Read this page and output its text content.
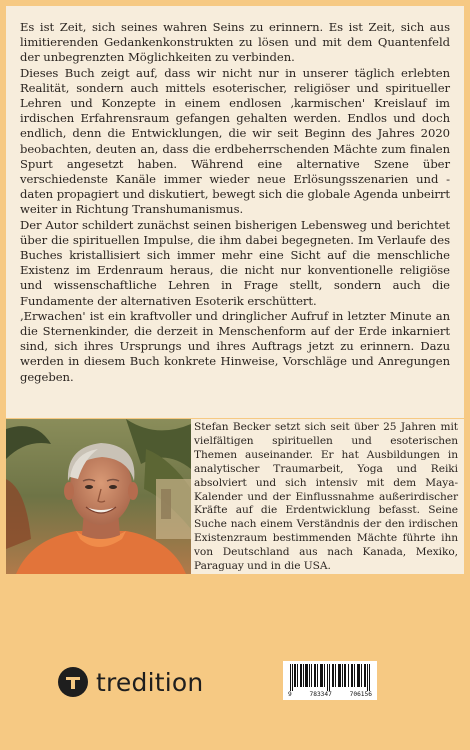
Es ist Zeit, sich seines wahren Seins zu erinnern. Es ist Zeit, sich aus limitierenden Gedankenkonstrukten zu lösen und mit dem Quantenfeld der unbegrenzten Möglichkeiten zu verbinden.

Dieses Buch zeigt auf, dass wir nicht nur in unserer täglich erlebten Realität, sondern auch mittels esoterischer, religiöser und spiritueller Lehren und Konzepte in einem endlosen ‚karmischen' Kreislauf im irdischen Erfahrensraum gefangen gehalten werden. Endlos und doch endlich, denn die Entwicklungen, die wir seit Beginn des Jahres 2020 beobachten, deuten an, dass die erdbeherrschenden Mächte zum finalen Spurt angesetzt haben. Während eine alternative Szene über verschiedenste Kanäle immer wieder neue Erlösungsszenarien und -daten propagiert und diskutiert, bewegt sich die globale Agenda unbeirrt weiter in Richtung Transhumanismus.

Der Autor schildert zunächst seinen bisherigen Lebensweg und berichtet über die spirituellen Impulse, die ihm dabei begegneten. Im Verlaufe des Buches kristallisiert sich immer mehr eine Sicht auf die menschliche Existenz im Erdenraum heraus, die nicht nur konventionelle religiöse und wissenschaftliche Lehren in Frage stellt, sondern auch die Fundamente der alternativen Esoterik erschüttert.

‚Erwachen' ist ein kraftvoller und dringlicher Aufruf in letzter Minute an die Sternenkinder, die derzeit in Menschenform auf der Erde inkarniert sind, sich ihres Ursprungs und ihres Auftrags jetzt zu erinnern. Dazu werden in diesem Buch konkrete Hinweise, Vorschläge und Anregungen gegeben.

Stefan Becker setzt sich seit über 25 Jahren mit vielfältigen spirituellen und esoterischen Themen auseinander. Er hat Ausbildungen in analytischer Traumarbeit, Yoga und Reiki absolviert und sich intensiv mit dem Maya-Kalender und der Einflussnahme außerirdischer Kräfte auf die Erdentwicklung befasst. Seine Suche nach einem Verständnis der den irdischen Existenzraum bestimmenden Mächte führte ihn von Deutschland aus nach Kanada, Mexiko, Paraguay und in die USA.

tredition	9	783347	706156
